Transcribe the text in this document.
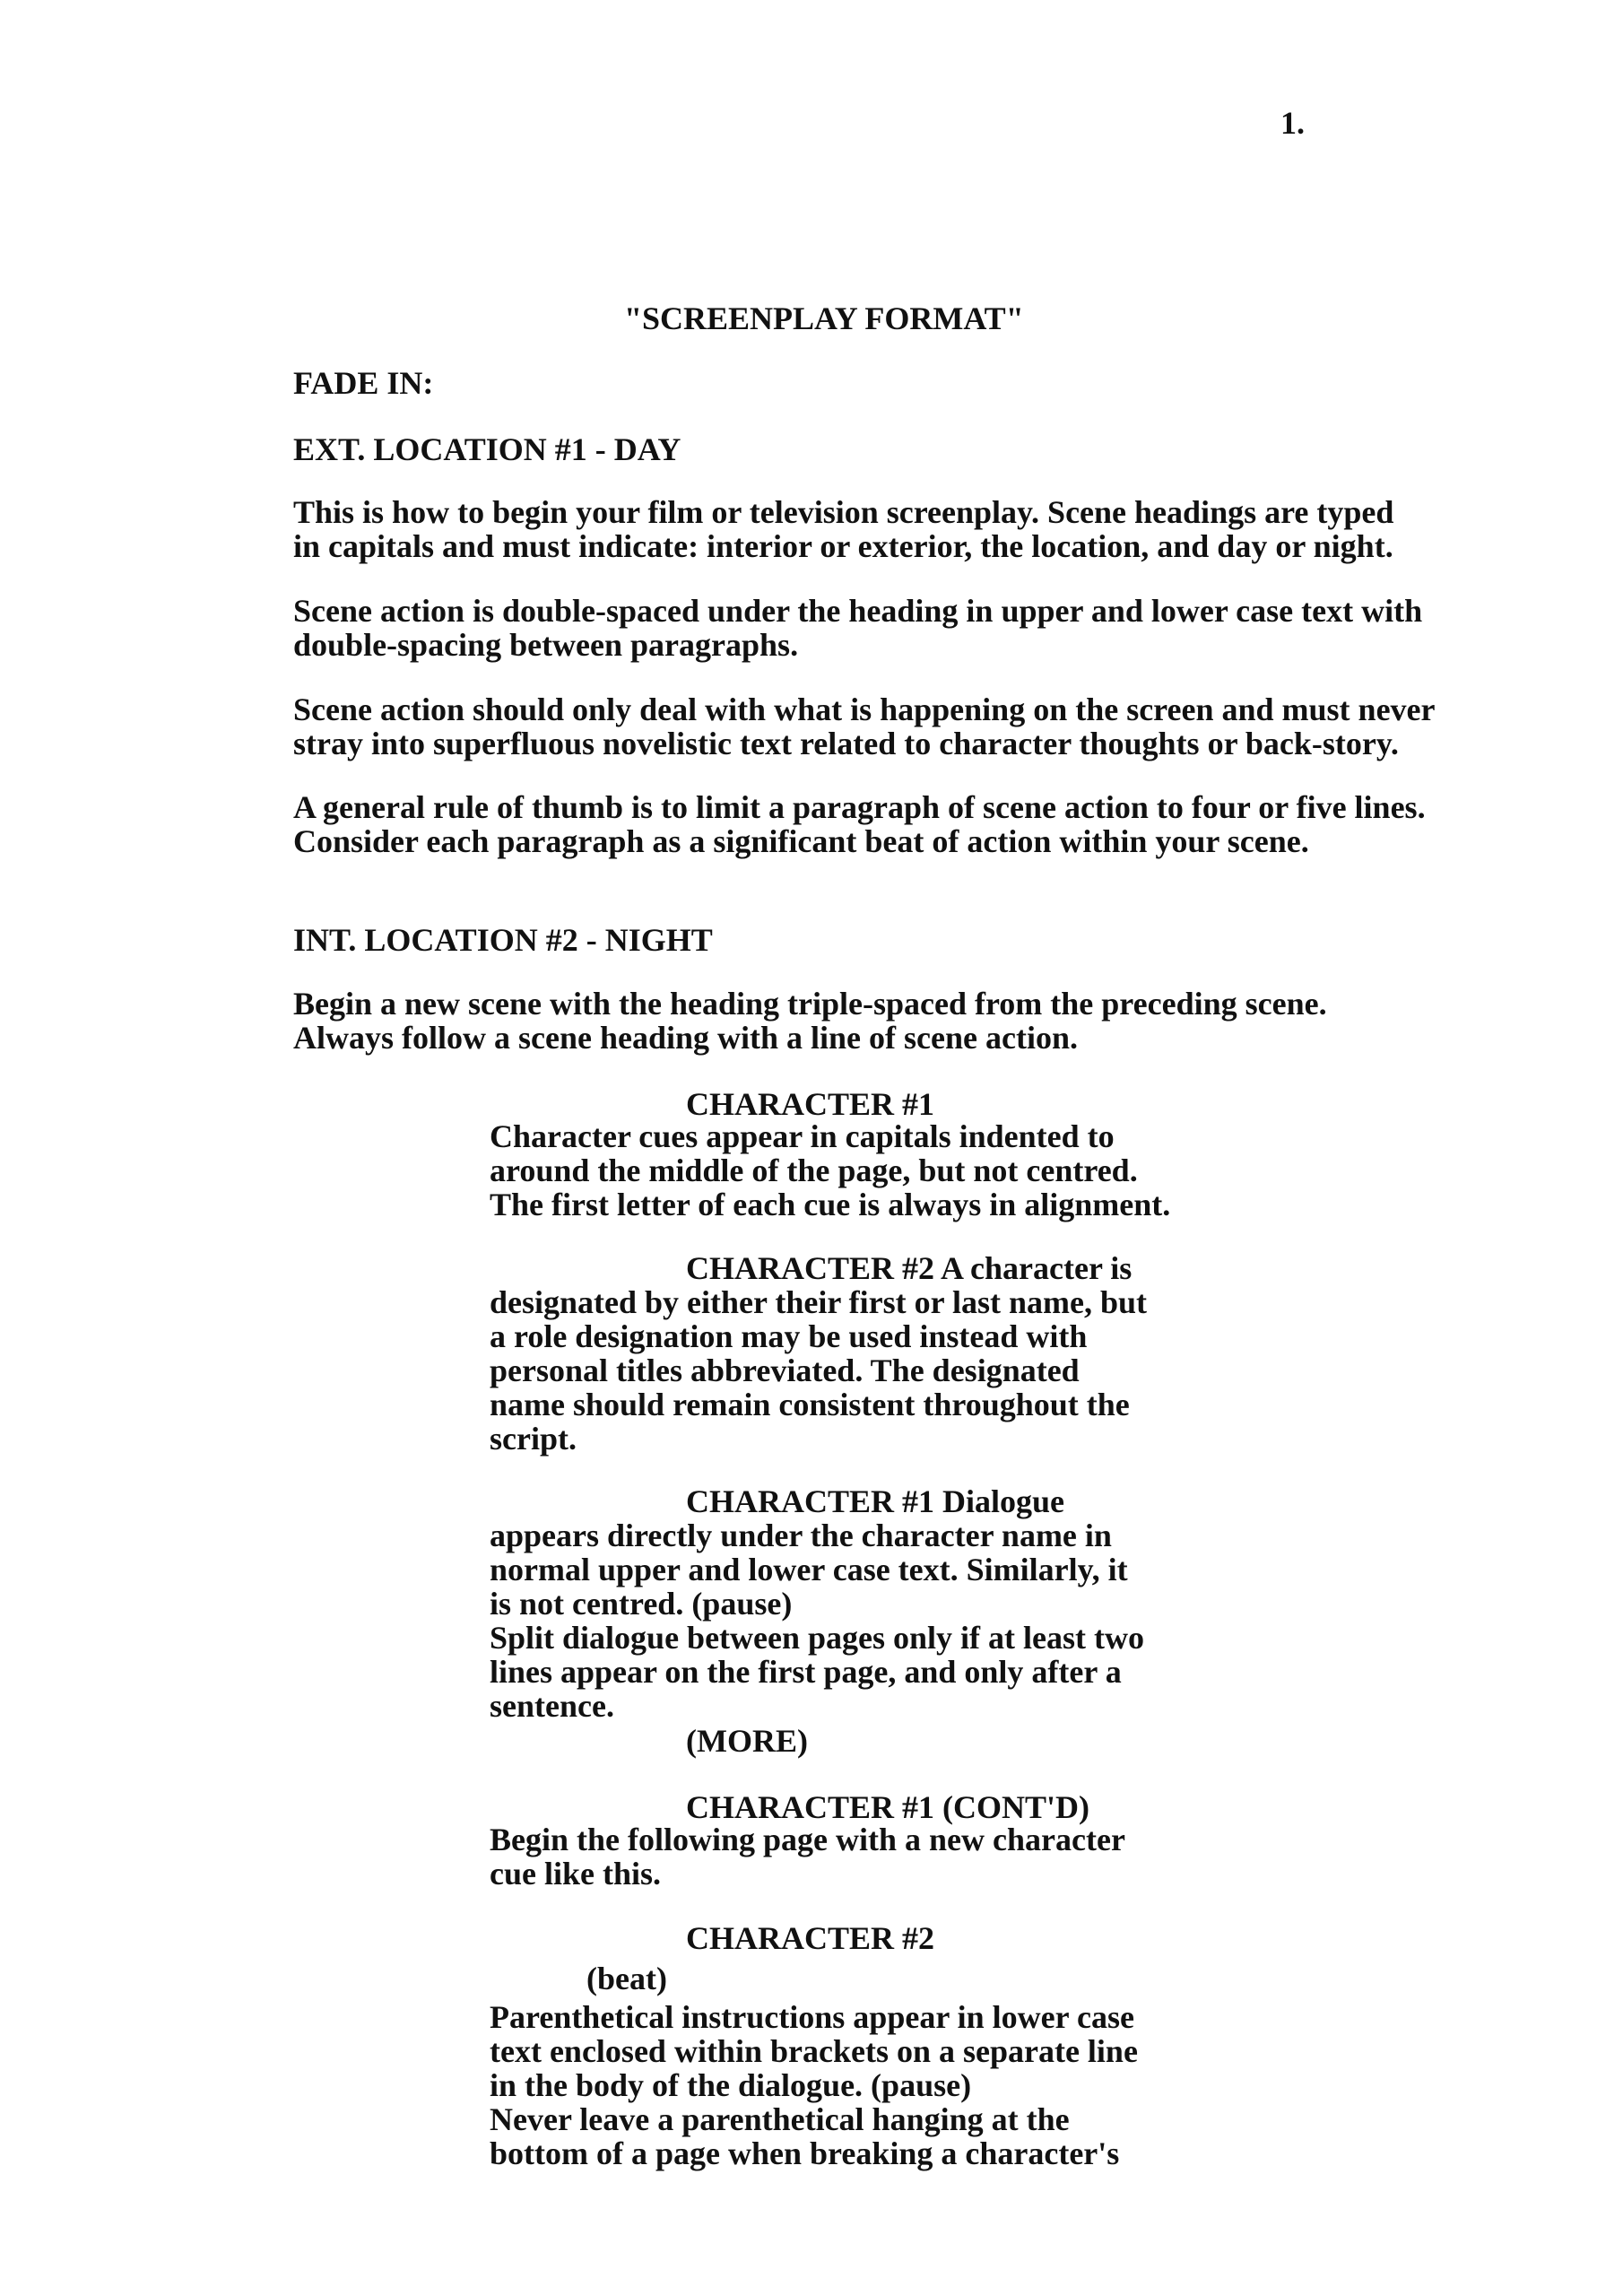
1.
"SCREENPLAY FORMAT"
FADE IN:
EXT. LOCATION #1 - DAY
This is how to begin your film or television screenplay. Scene headings are typed
in capitals and must indicate: interior or exterior, the location, and day or night.
Scene action is double-spaced under the heading in upper and lower case text with
double-spacing between paragraphs.
Scene action should only deal with what is happening on the screen and must never
stray into superfluous novelistic text related to character thoughts or back-story.
A general rule of thumb is to limit a paragraph of scene action to four or five lines.
Consider each paragraph as a significant beat of action within your scene.
INT. LOCATION #2 - NIGHT
Begin a new scene with the heading triple-spaced from the preceding scene.
Always follow a scene heading with a line of scene action.
CHARACTER #1
Character cues appear in capitals indented to
around the middle of the page, but not centred.
The first letter of each cue is always in alignment.
CHARACTER #2 A character is
designated by either their first or last name, but
a role designation may be used instead with
personal titles abbreviated. The designated
name should remain consistent throughout the
script.
CHARACTER #1 Dialogue
appears directly under the character name in
normal upper and lower case text. Similarly, it
is not centred. (pause)
Split dialogue between pages only if at least two
lines appear on the first page, and only after a
sentence.
(MORE)
CHARACTER #1 (CONT'D)
Begin the following page with a new character
cue like this.
CHARACTER #2
(beat)
Parenthetical instructions appear in lower case
text enclosed within brackets on a separate line
in the body of the dialogue. (pause)
Never leave a parenthetical hanging at the
bottom of a page when breaking a character's
